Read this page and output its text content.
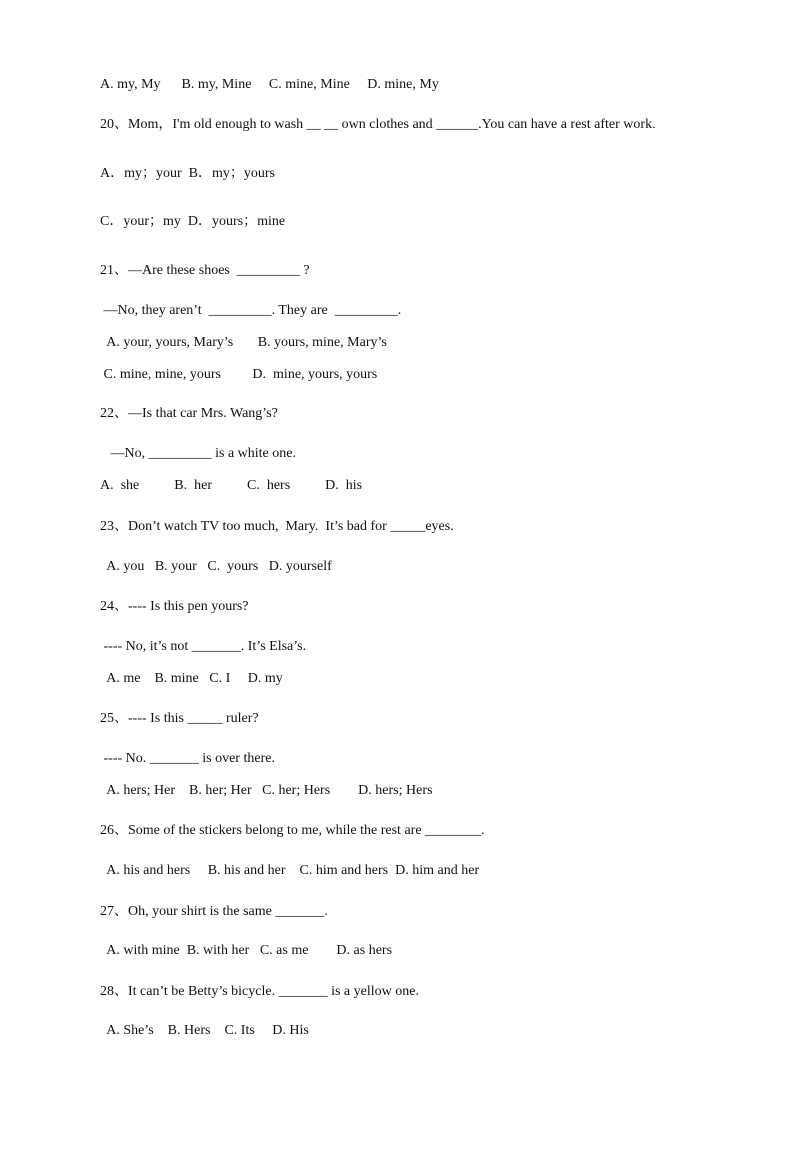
A. my, My      B. my, Mine     C. mine, Mine     D. mine, My
20、Mom，I'm old enough to wash __ __ own clothes and ______.You can have a rest after work.
A．my；your  B．my；yours
C．your；my  D．yours；mine
21、—Are these shoes  _________ ?
—No, they aren’t  _________. They are  _________.
A. your, yours, Mary’s       B. yours, mine, Mary’s
C. mine, mine, yours         D.  mine, yours, yours
22、—Is that car Mrs. Wang’s?
—No, _________ is a white one.
A.  she          B.  her          C.  hers          D.  his
23、Don’t watch TV too much,  Mary.  It’s bad for _____eyes.
A. you   B. your   C.  yours   D. yourself
24、---- Is this pen yours?
---- No, it’s not _______. It’s Elsa’s.
A. me    B. mine   C. I     D. my
25、---- Is this _____ ruler?
---- No. _______ is over there.
A. hers; Her    B. her; Her   C. her; Hers        D. hers; Hers
26、Some of the stickers belong to me, while the rest are ________.
A. his and hers     B. his and her    C. him and hers  D. him and her
27、Oh, your shirt is the same _______.
A. with mine  B. with her   C. as me        D. as hers
28、It can’t be Betty’s bicycle. _______ is a yellow one.
A. She’s    B. Hers    C. Its     D. His
